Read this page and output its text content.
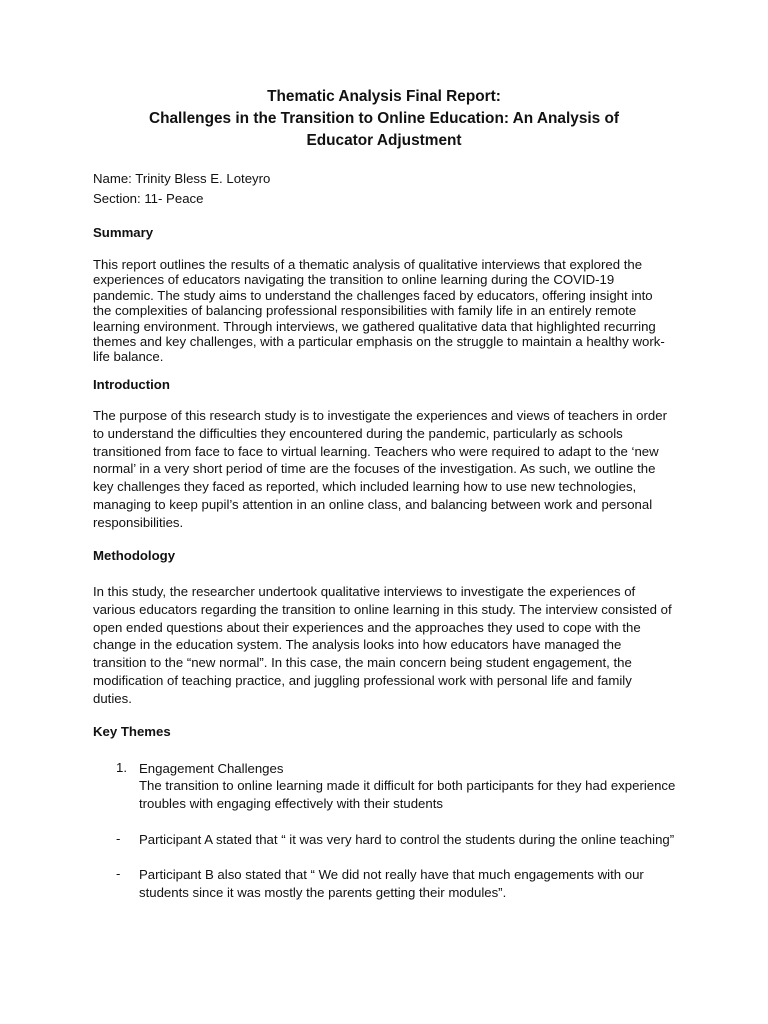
Thematic Analysis Final Report:
Challenges in the Transition to Online Education: An Analysis of
Educator Adjustment
Name: Trinity Bless E. Loteyro
Section: 11- Peace
Summary

This report outlines the results of a thematic analysis of qualitative interviews that explored the experiences of educators navigating the transition to online learning during the COVID-19 pandemic. The study aims to understand the challenges faced by educators, offering insight into the complexities of balancing professional responsibilities with family life in an entirely remote learning environment. Through interviews, we gathered qualitative data that highlighted recurring themes and key challenges, with a particular emphasis on the struggle to maintain a healthy work-life balance.

Introduction

The purpose of this research study is to investigate the experiences and views of teachers in order to understand the difficulties they encountered during the pandemic, particularly as schools transitioned from face to face to virtual learning. Teachers who were required to adapt to the ‘new normal’ in a very short period of time are the focuses of the investigation. As such, we outline the key challenges they faced as reported, which included learning how to use new technologies, managing to keep pupil’s attention in an online class, and balancing between work and personal responsibilities.

Methodology

In this study, the researcher undertook qualitative interviews to investigate the experiences of various educators regarding the transition to online learning in this study. The interview consisted of open ended questions about their experiences and the approaches they used to cope with the change in the education system. The analysis looks into how educators have managed the transition to the “new normal”. In this case, the main concern being student engagement, the modification of teaching practice, and juggling professional work with personal life and family duties.

Key Themes
1. Engagement Challenges

The transition to online learning made it difficult for both participants for they had experience troubles with engaging effectively with their students

- Participant A stated that “ it was very hard to control the students during the online teaching”

- Participant B also stated that “ We did not really have that much engagements with our students since it was mostly the parents getting their modules”.
